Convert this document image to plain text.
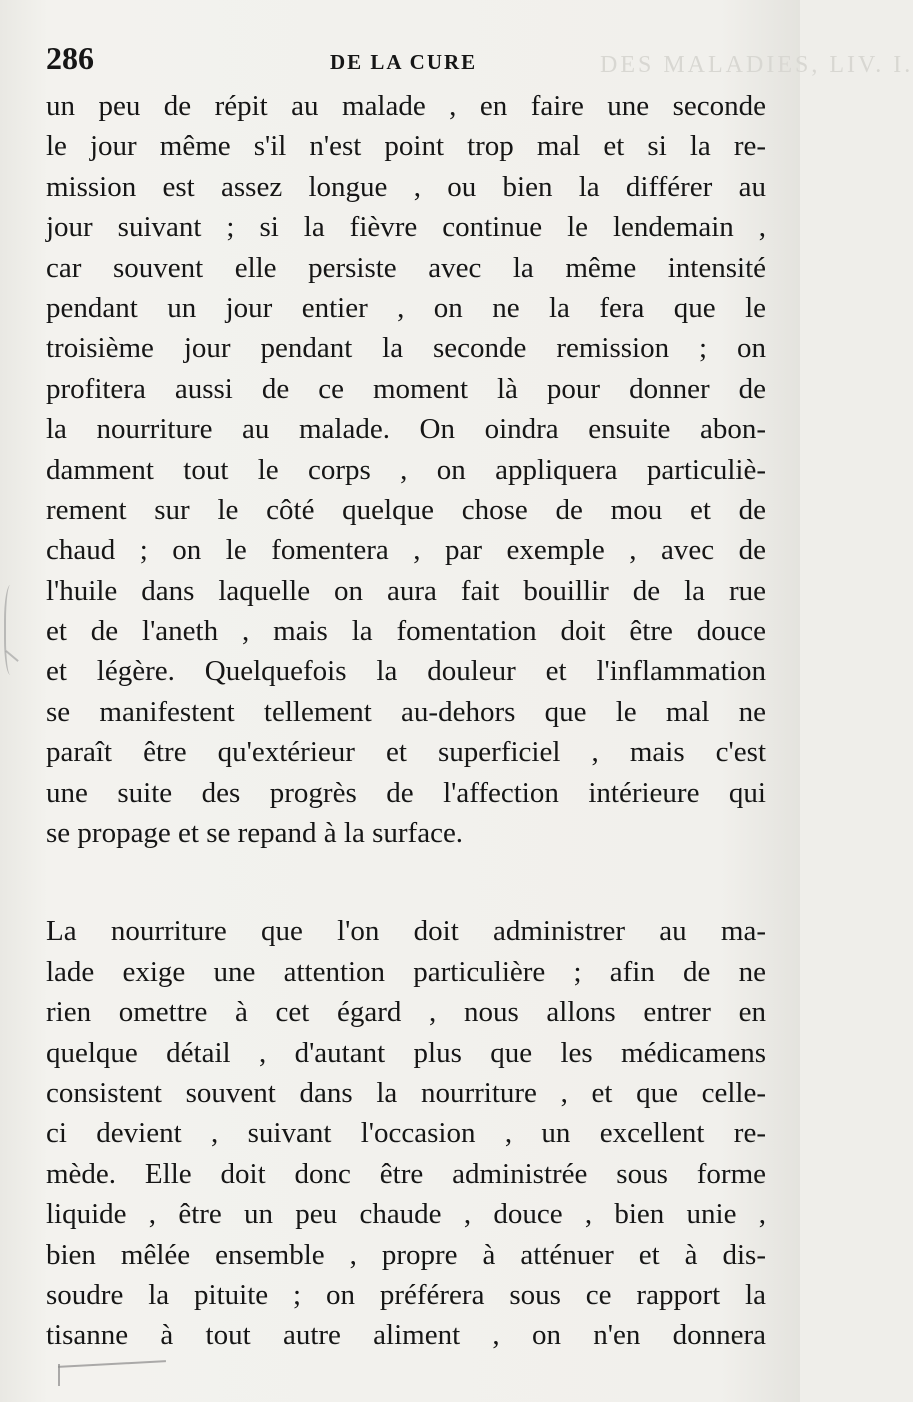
DES MALADIES, LIV. I.
286	DE LA CURE
un peu de répit au malade , en faire une seconde
le jour même s'il n'est point trop mal et si la re-
mission est assez longue , ou bien la différer au
jour suivant ; si la fièvre continue le lendemain ,
car souvent elle persiste avec la même intensité
pendant un jour entier , on ne la fera que le
troisième jour pendant la seconde remission ; on
profitera aussi de ce moment là pour donner de
la nourriture au malade. On oindra ensuite abon-
damment tout le corps , on appliquera particuliè-
rement sur le côté quelque chose de mou et de
chaud ; on le fomentera , par exemple , avec de
l'huile dans laquelle on aura fait bouillir de la rue
et de l'aneth , mais la fomentation doit être douce
et légère. Quelquefois la douleur et l'inflammation
se manifestent tellement au-dehors que le mal ne
paraît être qu'extérieur et superficiel , mais c'est
une suite des progrès de l'affection intérieure qui
se propage et se repand à la surface.
La nourriture que l'on doit administrer au ma-
lade exige une attention particulière ; afin de ne
rien omettre à cet égard , nous allons entrer en
quelque détail , d'autant plus que les médicamens
consistent souvent dans la nourriture , et que celle-
ci devient , suivant l'occasion , un excellent re-
mède. Elle doit donc être administrée sous forme
liquide , être un peu chaude , douce , bien unie ,
bien mêlée ensemble , propre à atténuer et à dis-
soudre la pituite ; on préférera sous ce rapport la
tisanne à tout autre aliment , on n'en donnera
